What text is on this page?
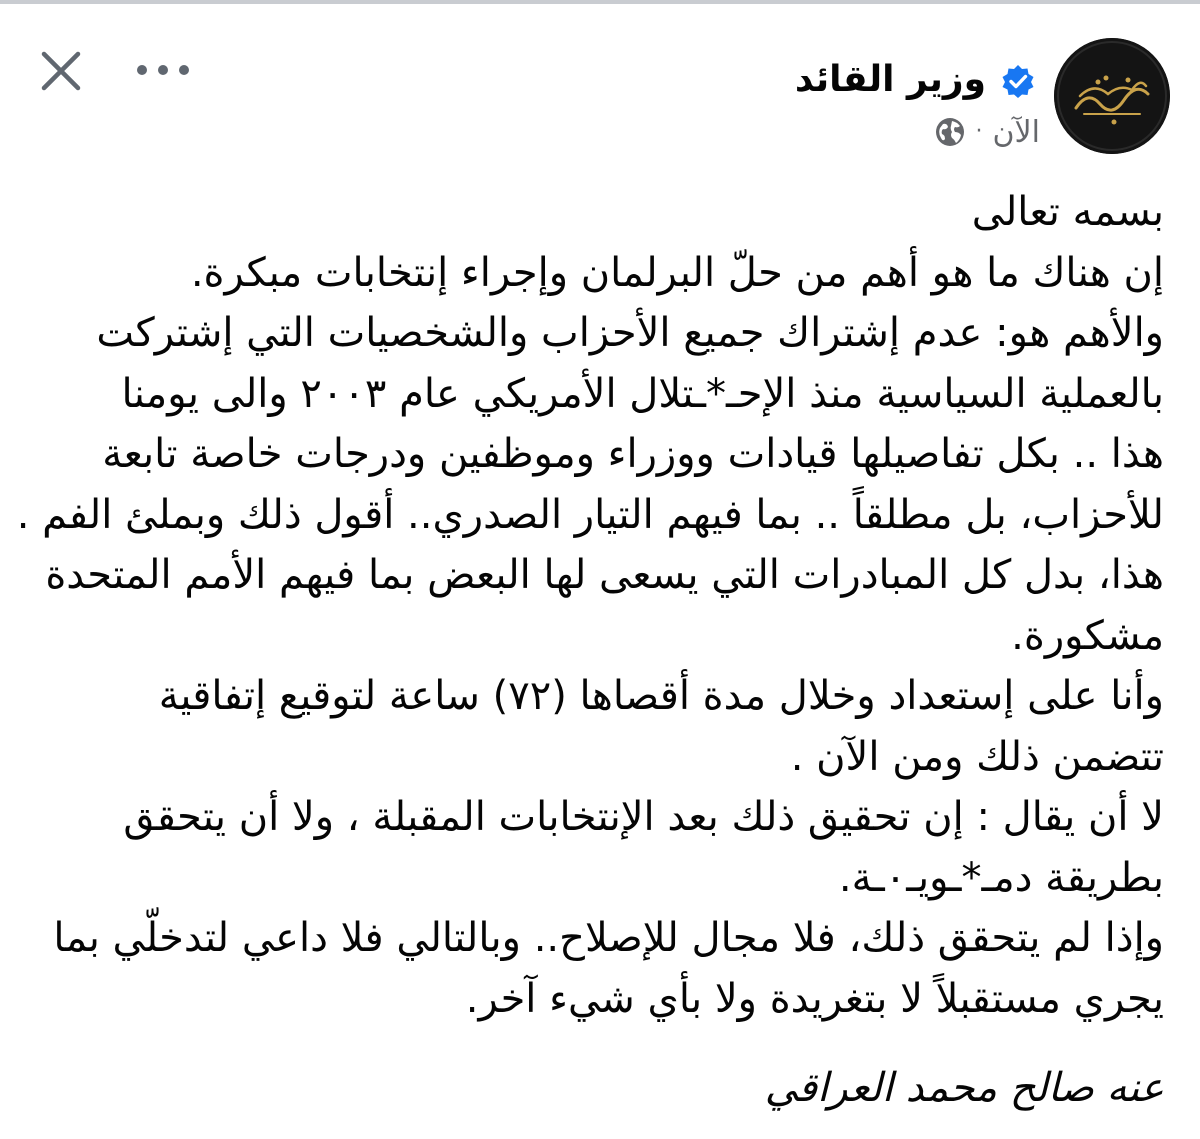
وزير القائد
الآن
·
بسمه تعالى
إن هناك ما هو أهم من حلّ البرلمان وإجراء إنتخابات مبكرة.
والأهم هو: عدم إشتراك جميع الأحزاب والشخصيات التي إشتركت
بالعملية السياسية منذ الإحـ*ـتلال الأمريكي عام ٢٠٠٣ والى يومنا
هذا .. بكل تفاصيلها قيادات ووزراء وموظفين ودرجات خاصة تابعة
للأحزاب، بل مطلقاً .. بما فيهم التيار الصدري.. أقول ذلك وبملئ الفم .
هذا، بدل كل المبادرات التي يسعى لها البعض بما فيهم الأمم المتحدة
مشكورة.
وأنا على إستعداد وخلال مدة أقصاها (٧٢) ساعة لتوقيع إتفاقية
تتضمن ذلك ومن الآن .
لا أن يقال : إن تحقيق ذلك بعد الإنتخابات المقبلة ، ولا أن يتحقق
بطريقة دمـ*ـويـ٠ـة.
وإذا لم يتحقق ذلك، فلا مجال للإصلاح.. وبالتالي فلا داعي لتدخلّي بما
يجري مستقبلاً لا بتغريدة ولا بأي شيء آخر.
عنه صالح محمد العراقي
